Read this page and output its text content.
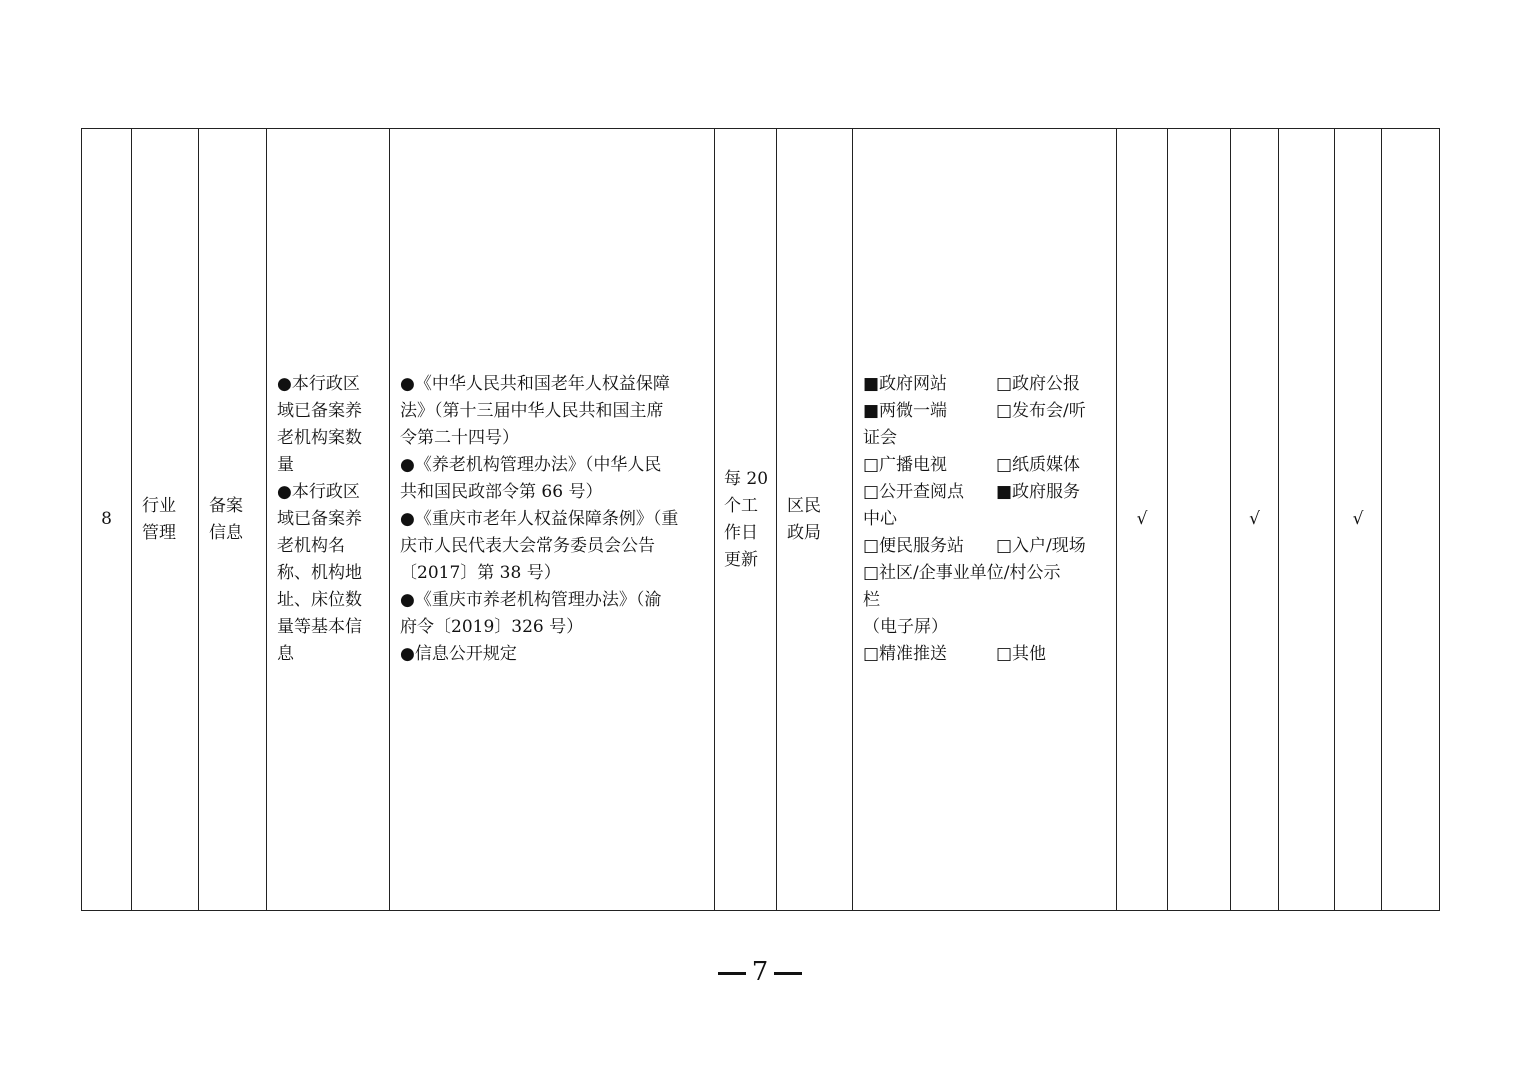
8	
行业
管理

备案
信息

●本行政区
域已备案养
老机构案数
量
●本行政区
域已备案养
老机构名
称、机构地
址、床位数
量等基本信
息

●《中华人民共和国老年人权益保障
法》（第十三届中华人民共和国主席
令第二十四号）
●《养老机构管理办法》（中华人民
共和国民政部令第 66 号）
●《重庆市老年人权益保障条例》（重
庆市人民代表大会常务委员会公告
〔2017〕第 38 号）
●《重庆市养老机构管理办法》（渝
府令〔2019〕326 号）
●信息公开规定

每 20
个工
作日
更新

区民
政局

■政府网站	□政府公报
■两微一端	□发布会/听
证会
□广播电视	□纸质媒体
□公开查阅点 ■政府服务
中心
□便民服务站 □入户/现场
□社区/企事业单位/村公示
栏
（电子屏）
□精准推送	□其他
	√		√		√	
7
